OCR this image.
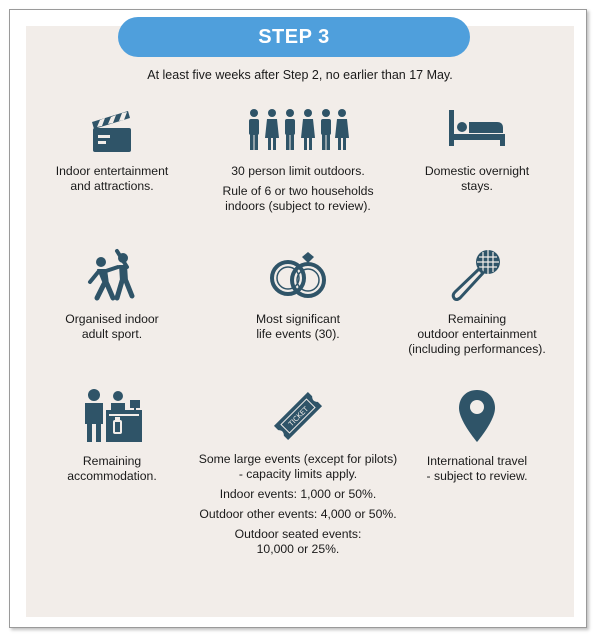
STEP 3
At least five weeks after Step 2, no earlier than 17 May.

Indoor entertainment

and attractions.

30 person limit outdoors.

Rule of 6 or two households

indoors (subject to review).

Domestic overnight

stays.

Organised indoor

adult sport.

Most significant

life events (30).

Remaining

outdoor entertainment

(including performances).

Remaining

accommodation.

TICKET

Some large events (except for pilots)

- capacity limits apply.

Indoor events: 1,000 or 50%.

Outdoor other events: 4,000 or 50%.

Outdoor seated events:

10,000 or 25%.

International travel

- subject to review.
